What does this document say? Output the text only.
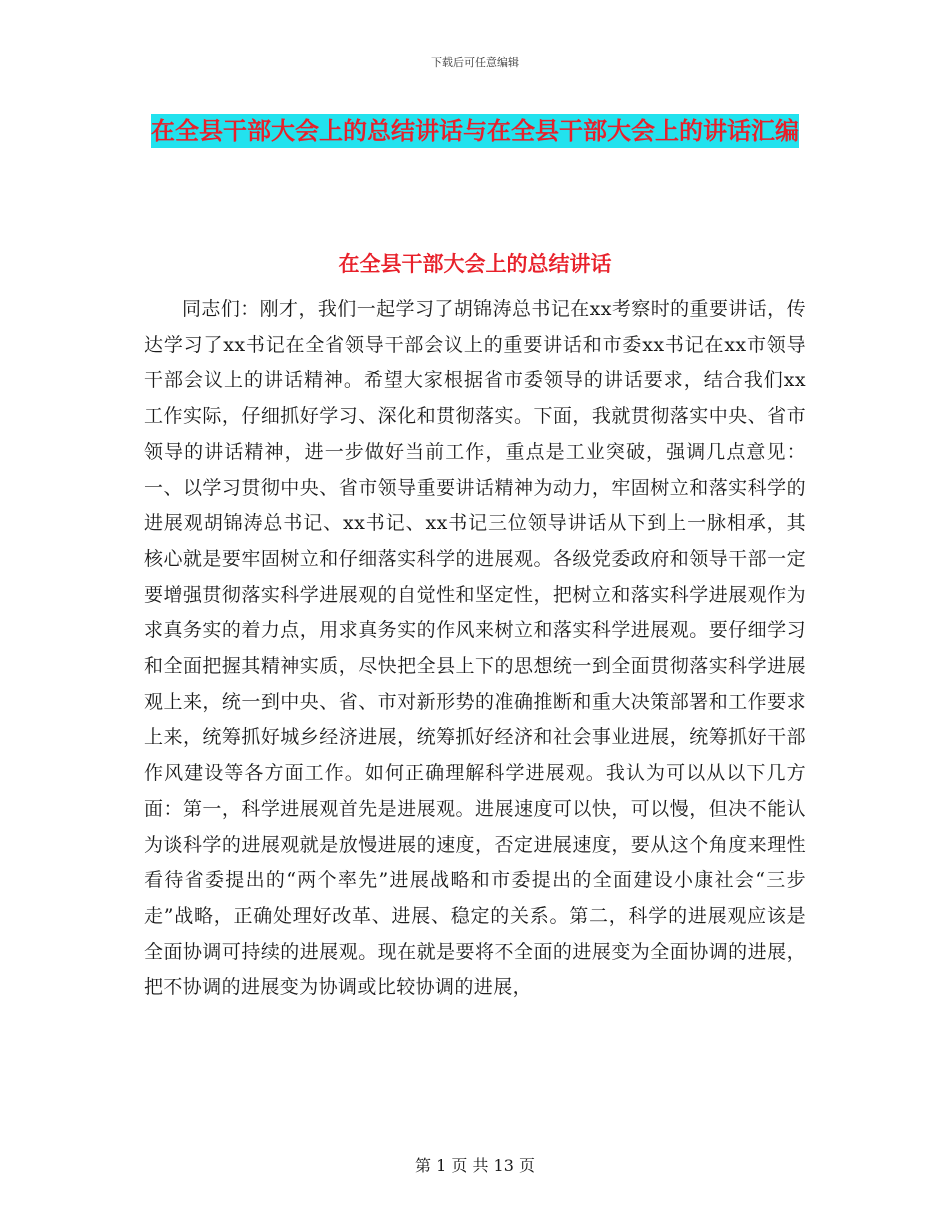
下载后可任意编辑
在全县干部大会上的总结讲话与在全县干部大会上的讲话汇编
在全县干部大会上的总结讲话

同志们：刚才，我们一起学习了胡锦涛总书记在xx考察时的重要讲话，传达学习了xx书记在全省领导干部会议上的重要讲话和市委xx书记在xx市领导干部会议上的讲话精神。希望大家根据省市委领导的讲话要求，结合我们xx工作实际，仔细抓好学习、深化和贯彻落实。下面，我就贯彻落实中央、省市领导的讲话精神，进一步做好当前工作，重点是工业突破，强调几点意见：一、以学习贯彻中央、省市领导重要讲话精神为动力，牢固树立和落实科学的进展观胡锦涛总书记、xx书记、xx书记三位领导讲话从下到上一脉相承，其核心就是要牢固树立和仔细落实科学的进展观。各级党委政府和领导干部一定要增强贯彻落实科学进展观的自觉性和坚定性，把树立和落实科学进展观作为求真务实的着力点，用求真务实的作风来树立和落实科学进展观。要仔细学习和全面把握其精神实质，尽快把全县上下的思想统一到全面贯彻落实科学进展观上来，统一到中央、省、市对新形势的准确推断和重大决策部署和工作要求上来，统筹抓好城乡经济进展，统筹抓好经济和社会事业进展，统筹抓好干部作风建设等各方面工作。如何正确理解科学进展观。我认为可以从以下几方面：第一，科学进展观首先是进展观。进展速度可以快，可以慢，但决不能认为谈科学的进展观就是放慢进展的速度，否定进展速度，要从这个角度来理性看待省委提出的“两个率先”进展战略和市委提出的全面建设小康社会“三步走”战略，正确处理好改革、进展、稳定的关系。第二，科学的进展观应该是全面协调可持续的进展观。现在就是要将不全面的进展变为全面协调的进展，把不协调的进展变为协调或比较协调的进展，

第 1 页 共 13 页
